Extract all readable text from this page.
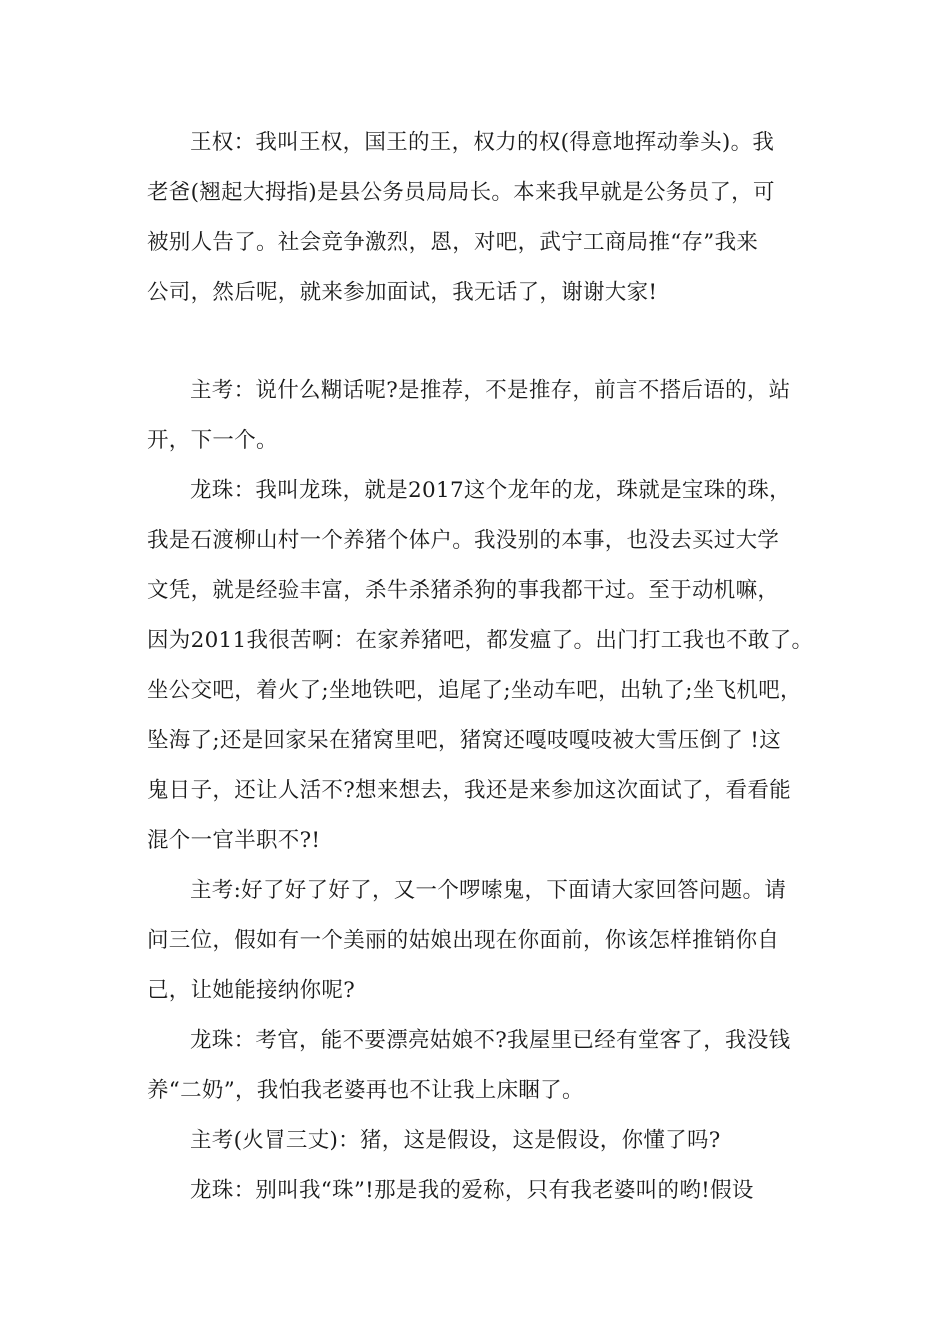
王权：我叫王权，国王的王，权力的权(得意地挥动拳头)。我
老爸(翘起大拇指)是县公务员局局长。本来我早就是公务员了，可
被别人告了。社会竞争激烈，恩，对吧，武宁工商局推“存”我来
公司，然后呢，就来参加面试，我无话了，谢谢大家!
主考：说什么糊话呢?是推荐，不是推存，前言不搭后语的，站
开，下一个。
龙珠：我叫龙珠，就是2017这个龙年的龙，珠就是宝珠的珠，
我是石渡柳山村一个养猪个体户。我没别的本事，也没去买过大学
文凭，就是经验丰富，杀牛杀猪杀狗的事我都干过。至于动机嘛，
因为2011我很苦啊：在家养猪吧，都发瘟了。出门打工我也不敢了。
坐公交吧，着火了;坐地铁吧，追尾了;坐动车吧，出轨了;坐飞机吧，
坠海了;还是回家呆在猪窝里吧，猪窝还嘎吱嘎吱被大雪压倒了 !这
鬼日子，还让人活不?想来想去，我还是来参加这次面试了，看看能
混个一官半职不?!
主考:好了好了好了，又一个啰嗦鬼，下面请大家回答问题。请
问三位，假如有一个美丽的姑娘出现在你面前，你该怎样推销你自
己，让她能接纳你呢?
龙珠：考官，能不要漂亮姑娘不?我屋里已经有堂客了，我没钱
养“二奶”，我怕我老婆再也不让我上床睏了。
主考(火冒三丈)：猪，这是假设，这是假设，你懂了吗?
龙珠：别叫我“珠”!那是我的爱称，只有我老婆叫的哟!假设
